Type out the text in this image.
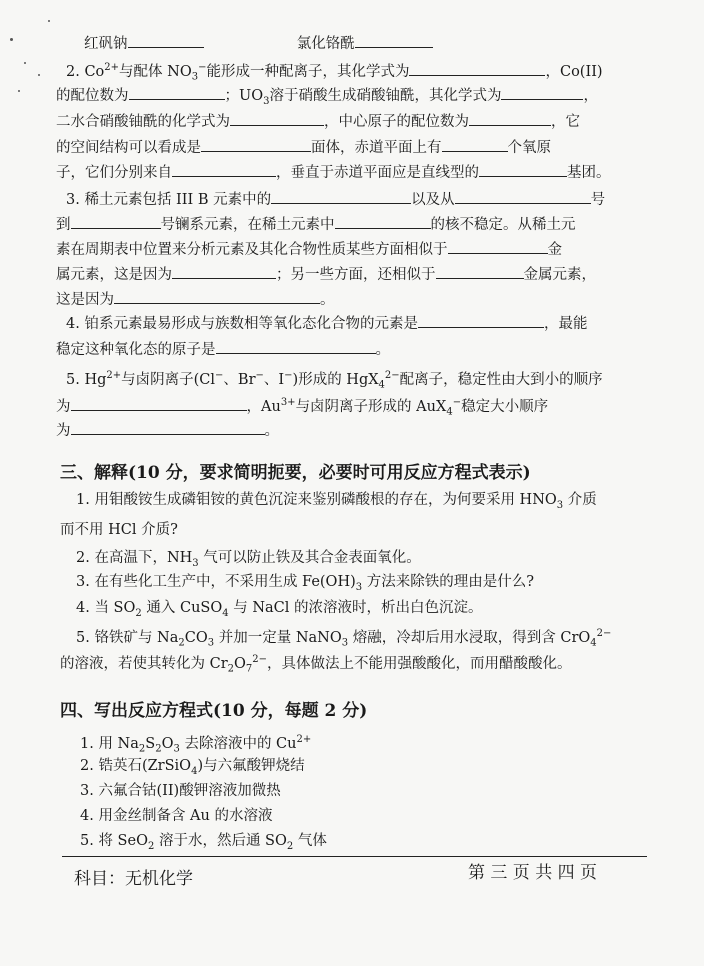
红矾钠	氯化铬酰
2. $Co^{2+}$与配体 $NO_3^-$能形成一种配离子，其化学式为	，Co(II)
的配位数为	；$UO_3$溶于硝酸生成硝酸铀酰，其化学式为	，
二水合硝酸铀酰的化学式为	，中心原子的配位数为	，它
的空间结构可以看成是	面体，赤道平面上有	个氧原
子，它们分别来自	，垂直于赤道平面应是直线型的	基团。
3. 稀土元素包括 III B 元素中的	以及从	号
到	号镧系元素，在稀土元素中	的核不稳定。从稀土元
素在周期表中位置来分析元素及其化合物性质某些方面相似于	金
属元素，这是因为	；另一些方面，还相似于	金属元素，
这是因为	。
4. 铂系元素最易形成与族数相等氧化态化合物的元素是	，最能
稳定这种氧化态的原子是	。
5. $Hg^{2+}$与卤阴离子(Cl−、Br−、I−)形成的 HgX$_4^{2-}$配离子，稳定性由大到小的顺序
为	，$Au^{3+}$与卤阴离子形成的 AuX$_4$−稳定大小顺序
为	。
三、解释(10 分，要求简明扼要，必要时可用反应方程式表示)
1. 用钼酸铵生成磷钼铵的黄色沉淀来鉴别磷酸根的存在，为何要采用 $HNO_3$ 介质
而不用 HCl 介质?
2. 在高温下，$NH_3$ 气可以防止铁及其合金表面氧化。
3. 在有些化工生产中，不采用生成 $Fe(OH)_3$ 方法来除铁的理由是什么?
4. 当 $SO_2$ 通入 CuSO$_4$ 与 NaCl 的浓溶液时，析出白色沉淀。
5. 铬铁矿与 $Na_2CO_3$ 并加一定量 NaNO$_3$ 熔融，冷却后用水浸取，得到含 CrO$_4^{2-}$
的溶液，若使其转化为 $Cr_2O_7^{2-}$，具体做法上不能用强酸酸化，而用醋酸酸化。
四、写出反应方程式(10 分，每题 2 分)
1. 用 $Na_2S_2O_3$ 去除溶液中的 $Cu^{2+}$
2. 锆英石(ZrSiO$_4$)与六氟酸钾烧结
3. 六氟合钴(II)酸钾溶液加微热
4. 用金丝制备含 Au 的水溶液
5. 将 SeO$_2$ 溶于水，然后通 $SO_2$ 气体
科目：无机化学	第 三 页 共 四 页
